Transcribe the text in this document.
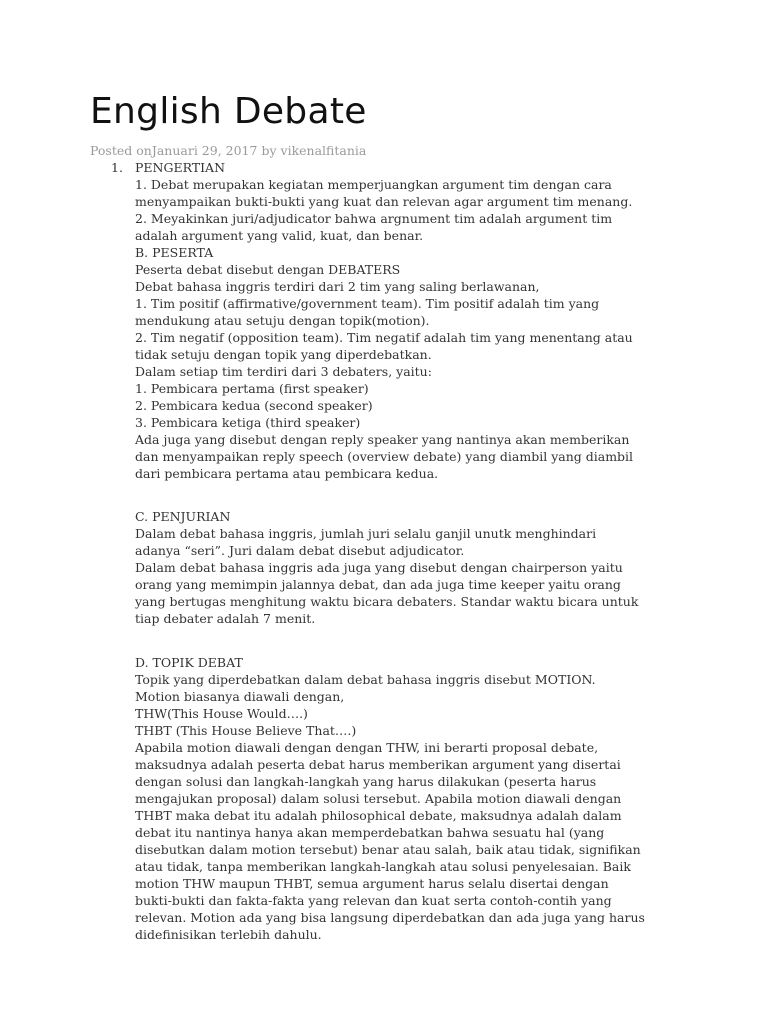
English Debate
Posted onJanuari 29, 2017 by vikenalfitania
1. PENGERTIAN
1. Debat merupakan kegiatan memperjuangkan argument tim dengan cara
menyampaikan bukti-bukti yang kuat dan relevan agar argument tim menang.
2. Meyakinkan juri/adjudicator bahwa argnument tim adalah argument tim
adalah argument yang valid, kuat, dan benar.
B. PESERTA
Peserta debat disebut dengan DEBATERS
Debat bahasa inggris terdiri dari 2 tim yang saling berlawanan,
1. Tim positif (affirmative/government team). Tim positif adalah tim yang
mendukung atau setuju dengan topik(motion).
2. Tim negatif (opposition team). Tim negatif adalah tim yang menentang atau
tidak setuju dengan topik yang diperdebatkan.
Dalam setiap tim terdiri dari 3 debaters, yaitu:
1. Pembicara pertama (first speaker)
2. Pembicara kedua (second speaker)
3. Pembicara ketiga (third speaker)
Ada juga yang disebut dengan reply speaker yang nantinya akan memberikan
dan menyampaikan reply speech (overview debate) yang diambil yang diambil
dari pembicara pertama atau pembicara kedua.
C. PENJURIAN
Dalam debat bahasa inggris, jumlah juri selalu ganjil unutk menghindari
adanya “seri”. Juri dalam debat disebut adjudicator.
Dalam debat bahasa inggris ada juga yang disebut dengan chairperson yaitu
orang yang memimpin jalannya debat, dan ada juga time keeper yaitu orang
yang bertugas menghitung waktu bicara debaters. Standar waktu bicara untuk
tiap debater adalah 7 menit.
D. TOPIK DEBAT
Topik yang diperdebatkan dalam debat bahasa inggris disebut MOTION.
Motion biasanya diawali dengan,
THW(This House Would….)
THBT (This House Believe That….)
Apabila motion diawali dengan dengan THW, ini berarti proposal debate,
maksudnya adalah peserta debat harus memberikan argument yang disertai
dengan solusi dan langkah-langkah yang harus dilakukan (peserta harus
mengajukan proposal) dalam solusi tersebut. Apabila motion diawali dengan
THBT maka debat itu adalah philosophical debate, maksudnya adalah dalam
debat itu nantinya hanya akan memperdebatkan bahwa sesuatu hal (yang
disebutkan dalam motion tersebut) benar atau salah, baik atau tidak, signifikan
atau tidak, tanpa memberikan langkah-langkah atau solusi penyelesaian. Baik
motion THW maupun THBT, semua argument harus selalu disertai dengan
bukti-bukti dan fakta-fakta yang relevan dan kuat serta contoh-contih yang
relevan. Motion ada yang bisa langsung diperdebatkan dan ada juga yang harus
didefinisikan terlebih dahulu.
